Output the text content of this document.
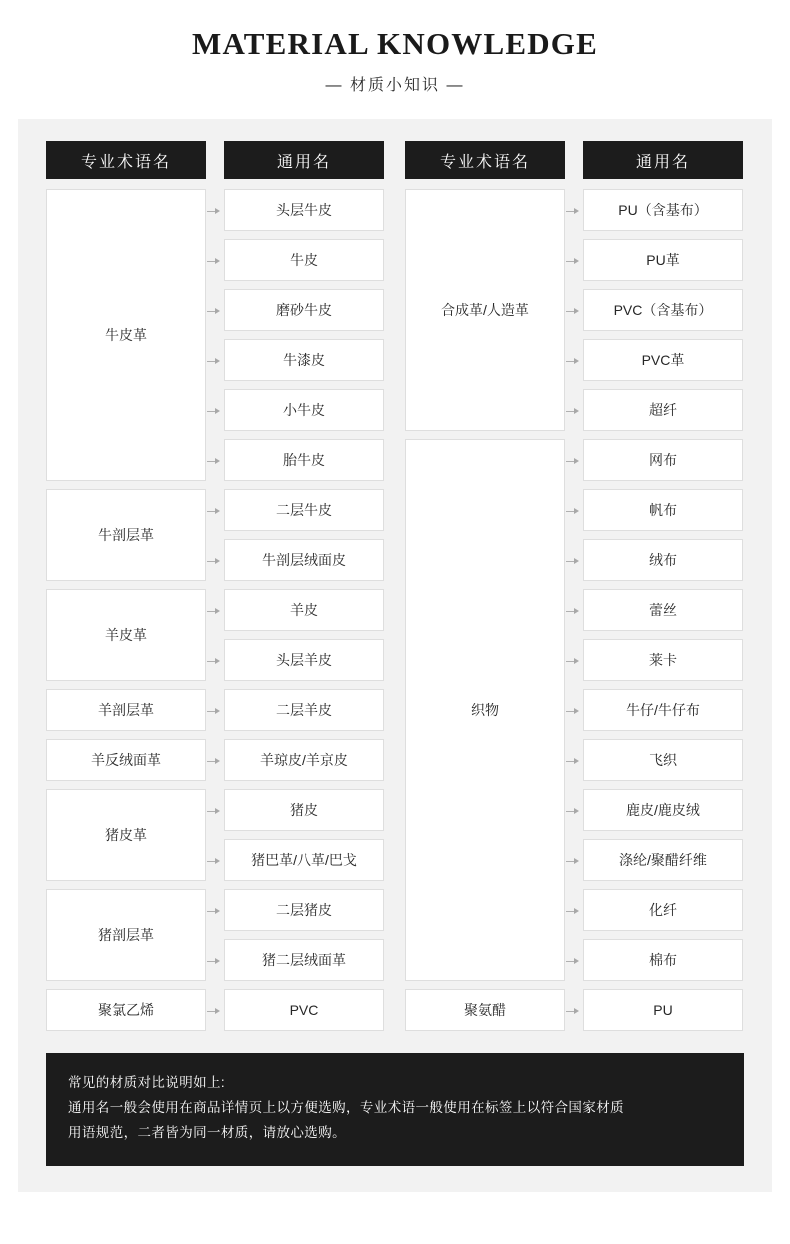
MATERIAL KNOWLEDGE
— 材质小知识 —
专业术语名
牛皮革
牛剖层革
羊皮革
羊剖层革
羊反绒面革
猪皮革
猪剖层革
聚氯乙烯
通用名
头层牛皮
牛皮
磨砂牛皮
牛漆皮
小牛皮
胎牛皮
二层牛皮
牛剖层绒面皮
羊皮
头层羊皮
二层羊皮
羊琼皮/羊京皮
猪皮
猪巴革/八革/巴戈
二层猪皮
猪二层绒面革
PVC
专业术语名
合成革/人造革
织物
聚氨醋
通用名
PU（含基布）
PU革
PVC（含基布）
PVC革
超纤
网布
帆布
绒布
蕾丝
莱卡
牛仔/牛仔布
飞织
鹿皮/鹿皮绒
涤纶/聚醋纤维
化纤
棉布
PU
常见的材质对比说明如上:
通用名一般会使用在商品详情页上以方便选购，专业术语一般使用在标签上以符合国家材质
用语规范，二者皆为同一材质，请放心选购。
